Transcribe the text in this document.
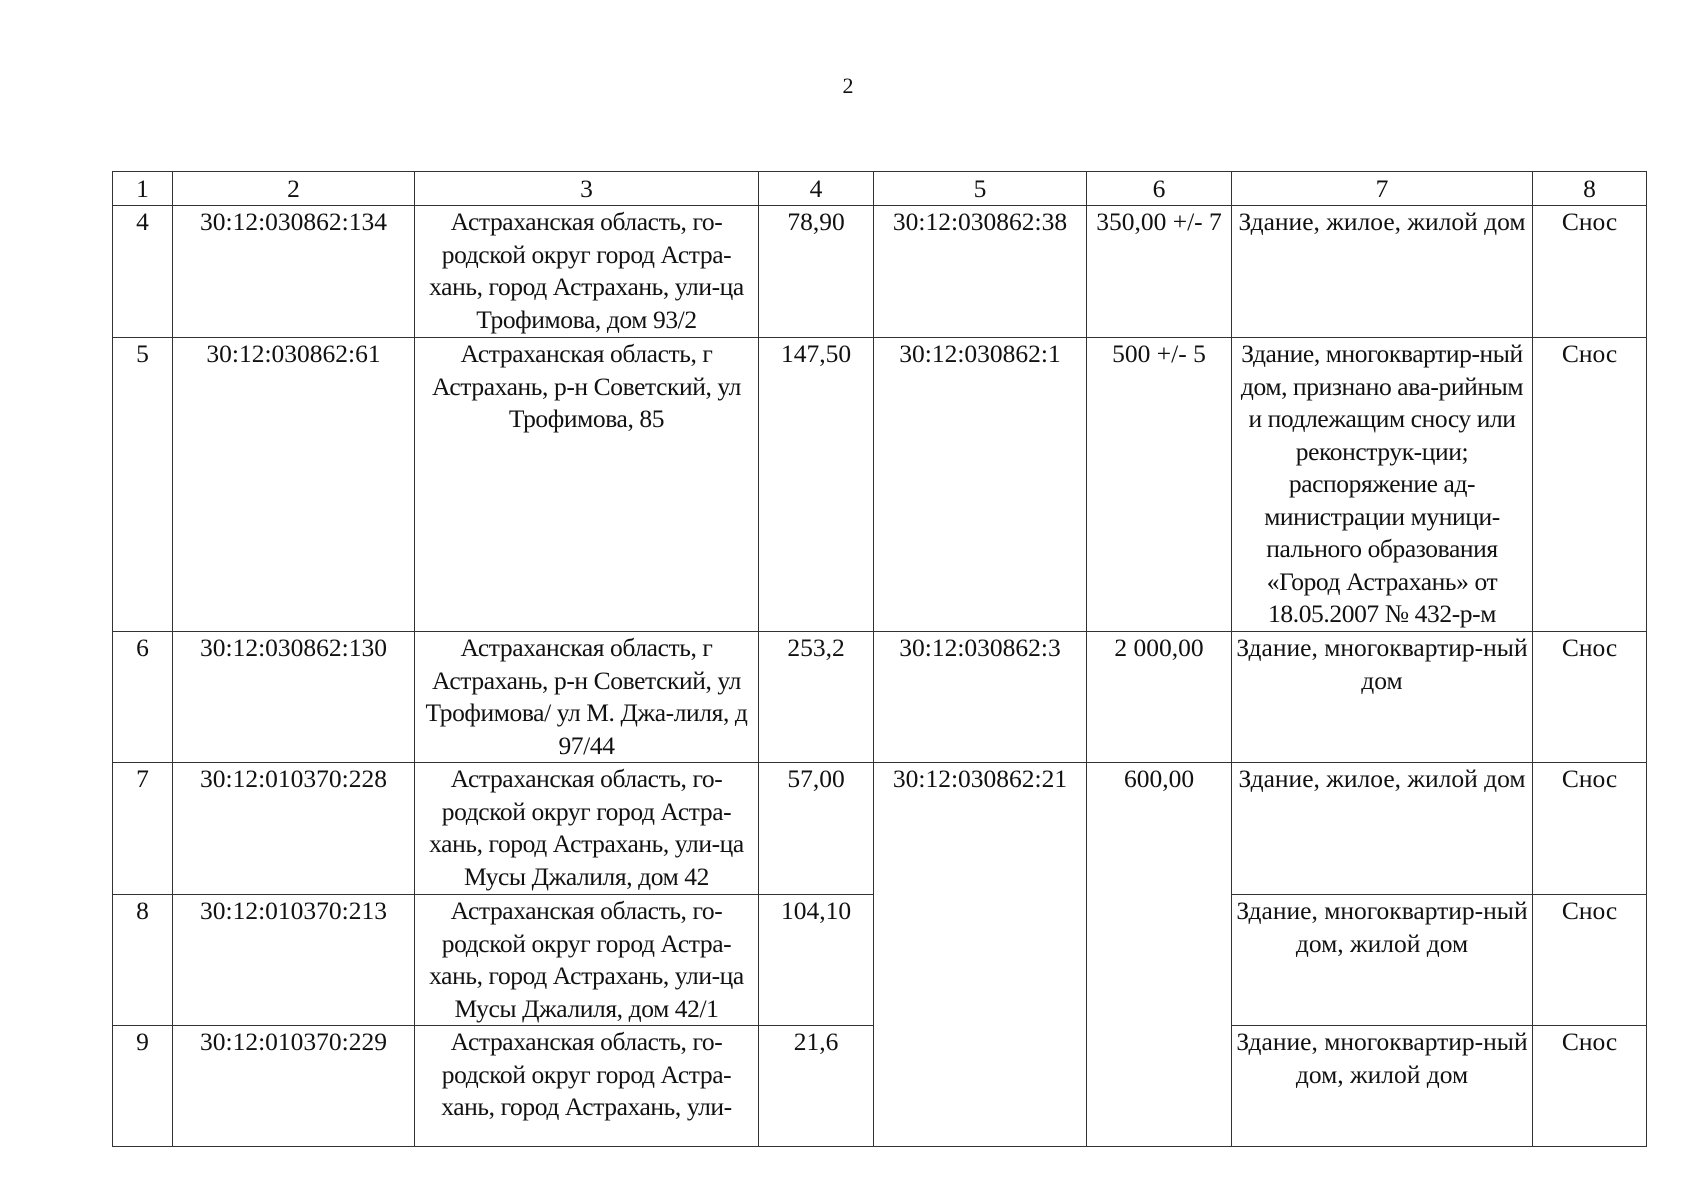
2
1	2	3	4	5	6	7	8
4	30:12:030862:134	Астраханская область, го-родской округ город Астра-хань, город Астрахань, ули-ца Трофимова, дом 93/2	78,90	30:12:030862:38	350,00 +/- 7	Здание, жилое, жилой дом	Снос
5	30:12:030862:61	Астраханская область, г Астрахань, р-н Советский, ул Трофимова, 85	147,50	30:12:030862:1	500 +/- 5	Здание, многоквартир-ный дом, признано ава-рийным и подлежащим сносу или реконструк-ции; распоряжение ад-министрации муници-пального образования «Город Астрахань» от 18.05.2007 № 432-р-м	Снос
6	30:12:030862:130	Астраханская область, г Астрахань, р-н Советский, ул Трофимова/ ул М. Джа-лиля, д 97/44	253,2	30:12:030862:3	2 000,00	Здание, многоквартир-ный дом	Снос
7	30:12:010370:228	Астраханская область, го-родской округ город Астра-хань, город Астрахань, ули-ца Мусы Джалиля, дом 42	57,00	30:12:030862:21	600,00	Здание, жилое, жилой дом	Снос
8	30:12:010370:213	Астраханская область, го-родской округ город Астра-хань, город Астрахань, ули-ца Мусы Джалиля, дом 42/1	104,10			Здание, многоквартир-ный дом, жилой дом	Снос
9	30:12:010370:229	Астраханская область, го-родской округ город Астра-хань, город Астрахань, ули-	21,6			Здание, многоквартир-ный дом, жилой дом	Снос
